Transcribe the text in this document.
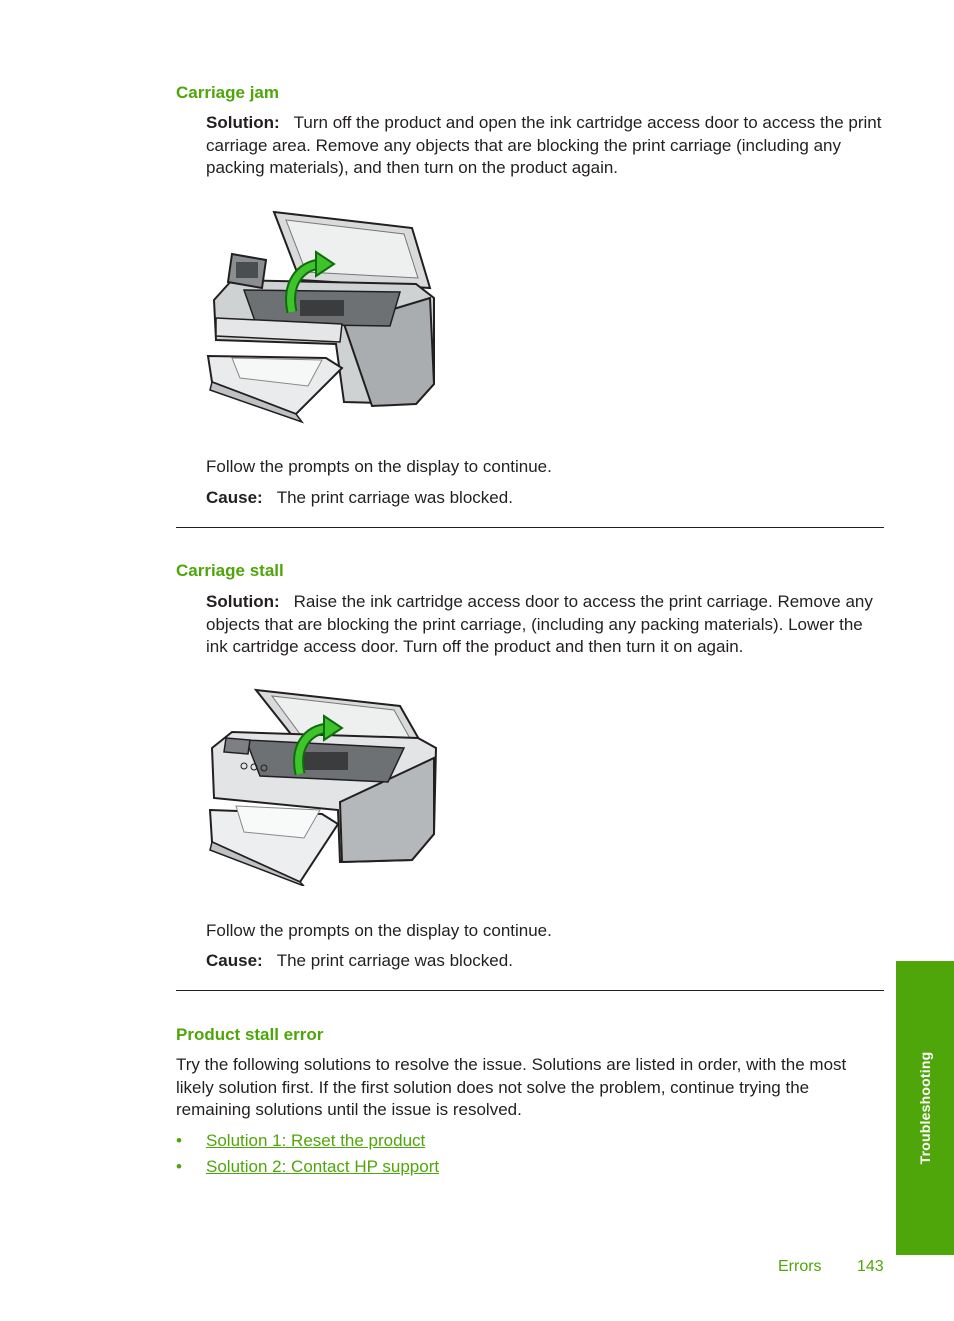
Carriage jam
Solution: Turn off the product and open the ink cartridge access door to access the print carriage area. Remove any objects that are blocking the print carriage (including any packing materials), and then turn on the product again.
Follow the prompts on the display to continue.
Cause: The print carriage was blocked.
Carriage stall
Solution: Raise the ink cartridge access door to access the print carriage. Remove any objects that are blocking the print carriage, (including any packing materials). Lower the ink cartridge access door. Turn off the product and then turn it on again.
Follow the prompts on the display to continue.
Cause: The print carriage was blocked.
Product stall error
Try the following solutions to resolve the issue. Solutions are listed in order, with the most likely solution first. If the first solution does not solve the problem, continue trying the remaining solutions until the issue is resolved.
• Solution 1: Reset the product
• Solution 2: Contact HP support
Troubleshooting
Errors 143
